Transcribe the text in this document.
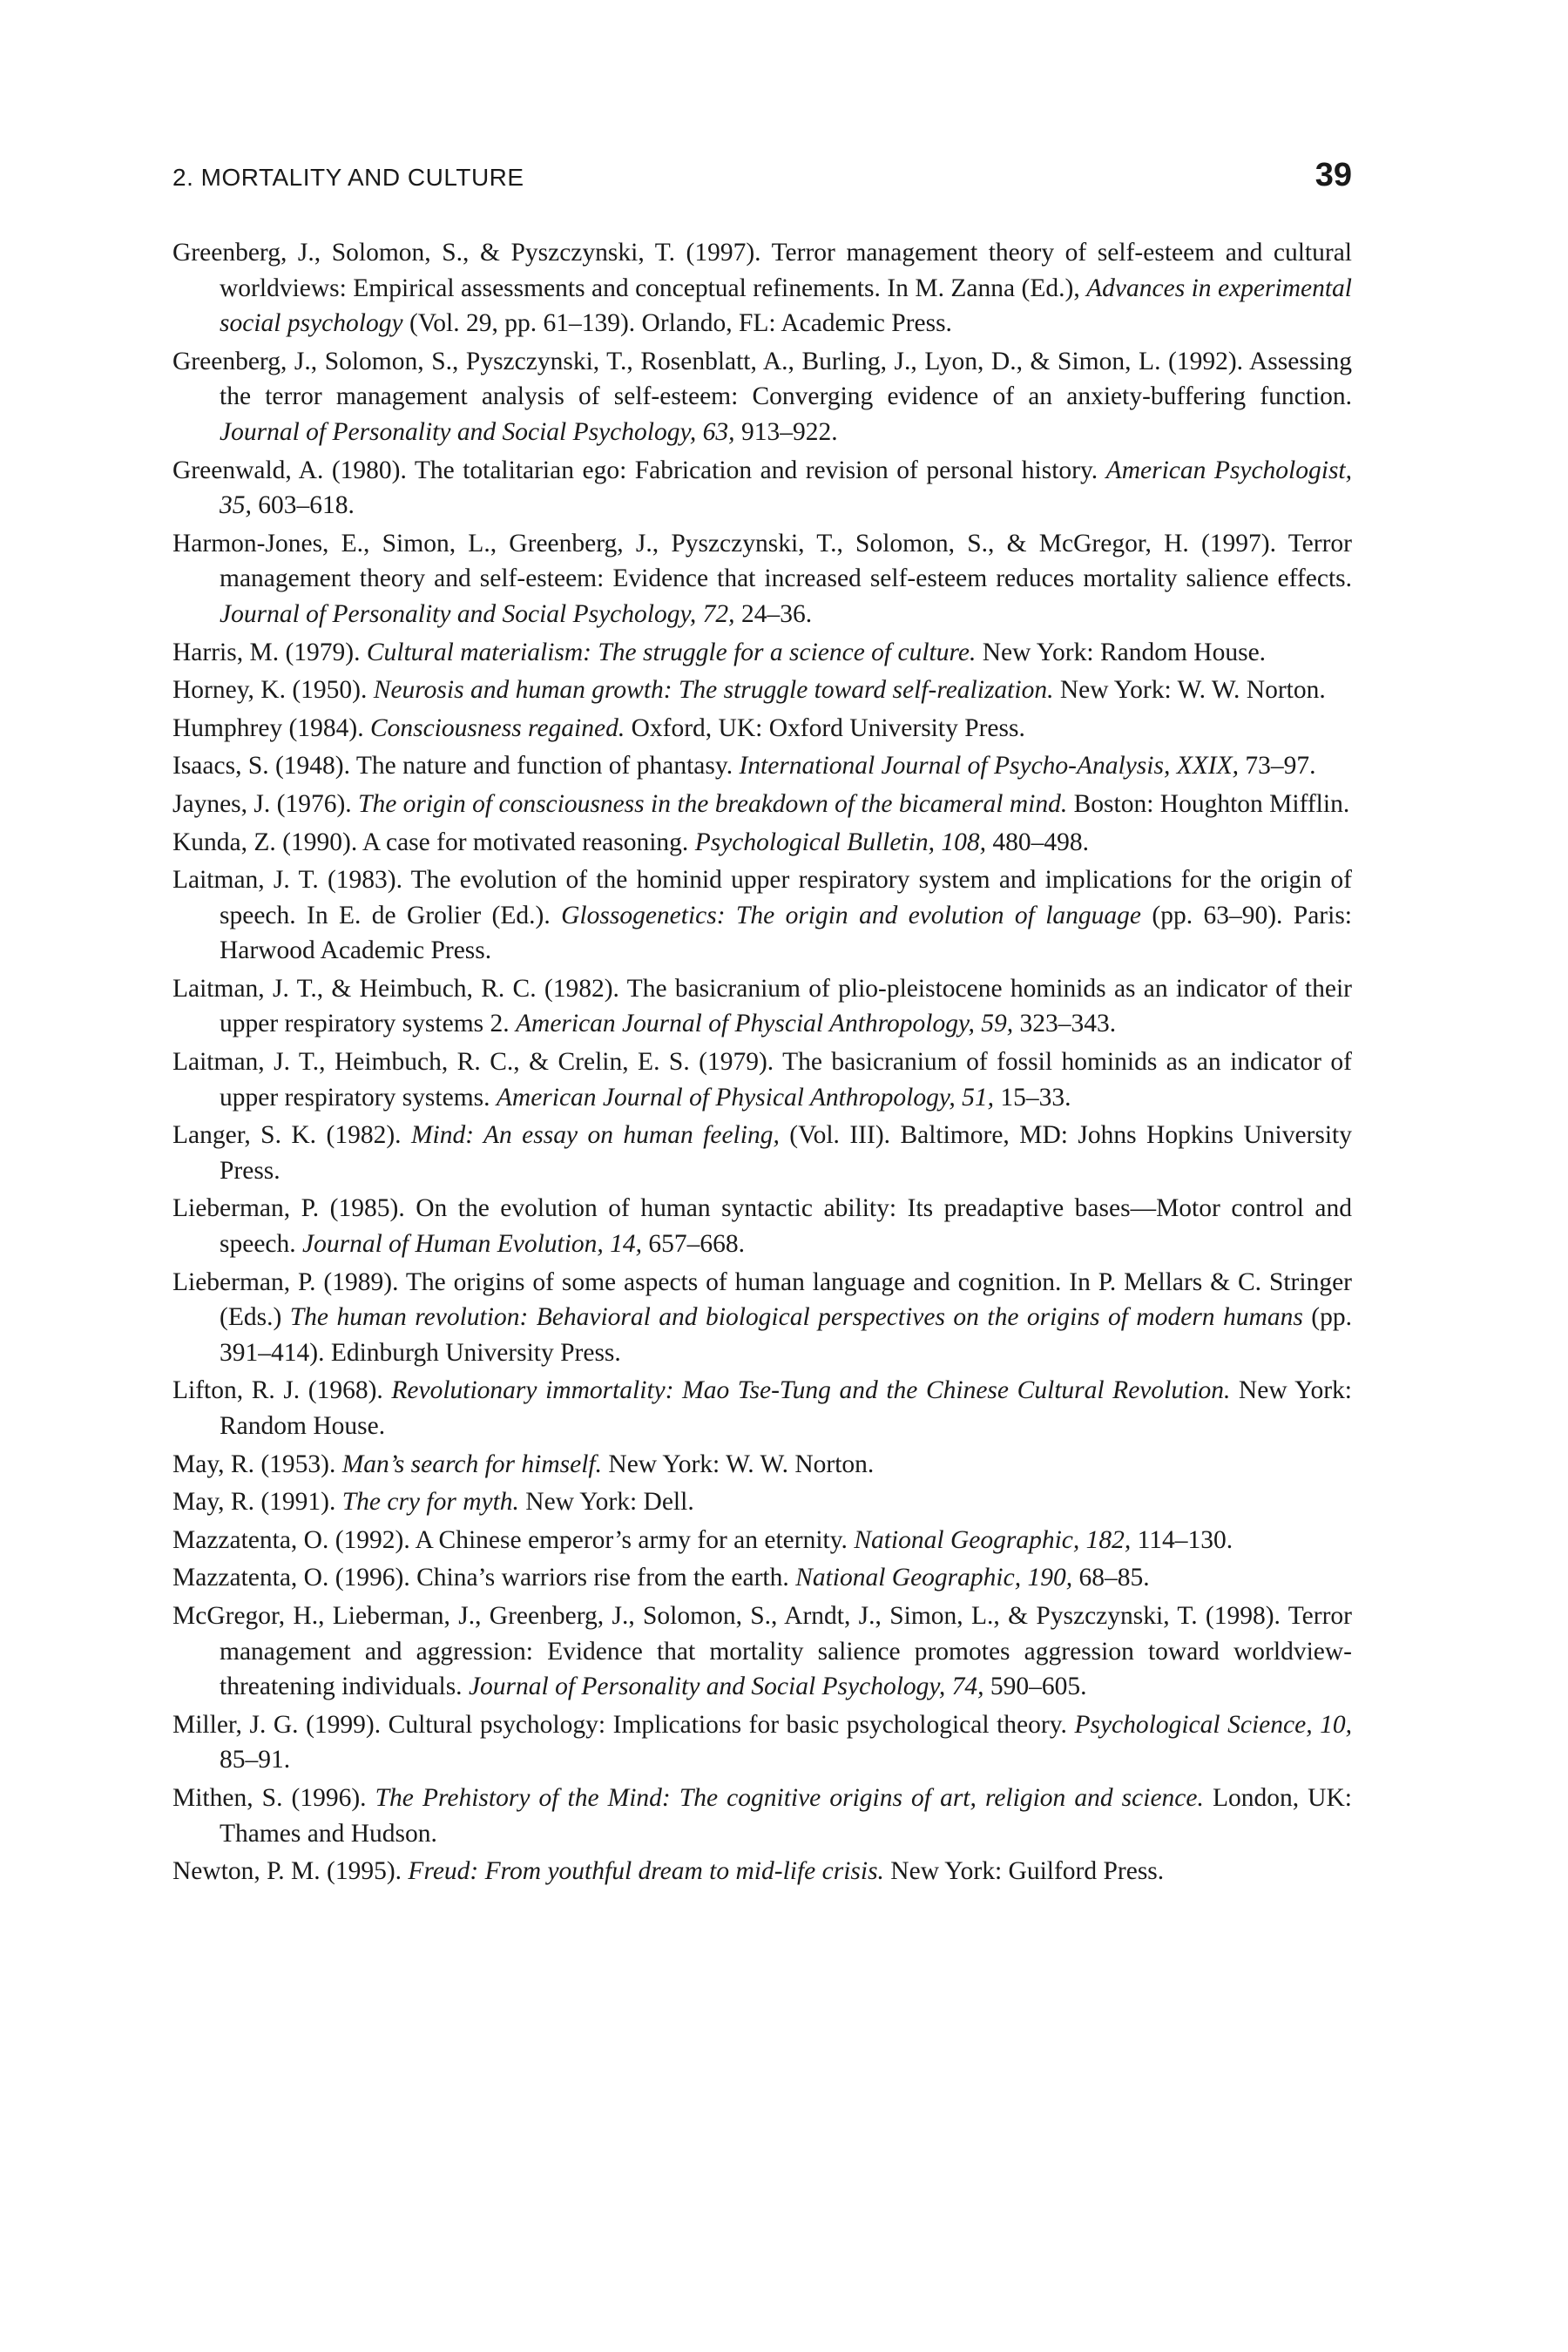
2. MORTALITY AND CULTURE	39
Greenberg, J., Solomon, S., & Pyszczynski, T. (1997). Terror management theory of self-esteem and cultural worldviews: Empirical assessments and conceptual refinements. In M. Zanna (Ed.), Advances in experimental social psychology (Vol. 29, pp. 61–139). Orlando, FL: Academic Press.
Greenberg, J., Solomon, S., Pyszczynski, T., Rosenblatt, A., Burling, J., Lyon, D., & Simon, L. (1992). Assessing the terror management analysis of self-esteem: Converging evidence of an anxiety-buffering function. Journal of Personality and Social Psychology, 63, 913–922.
Greenwald, A. (1980). The totalitarian ego: Fabrication and revision of personal history. American Psychologist, 35, 603–618.
Harmon-Jones, E., Simon, L., Greenberg, J., Pyszczynski, T., Solomon, S., & McGregor, H. (1997). Terror management theory and self-esteem: Evidence that increased self-esteem reduces mortality salience effects. Journal of Personality and Social Psychology, 72, 24–36.
Harris, M. (1979). Cultural materialism: The struggle for a science of culture. New York: Random House.
Horney, K. (1950). Neurosis and human growth: The struggle toward self-realization. New York: W. W. Norton.
Humphrey (1984). Consciousness regained. Oxford, UK: Oxford University Press.
Isaacs, S. (1948). The nature and function of phantasy. International Journal of Psycho-Analysis, XXIX, 73–97.
Jaynes, J. (1976). The origin of consciousness in the breakdown of the bicameral mind. Boston: Houghton Mifflin.
Kunda, Z. (1990). A case for motivated reasoning. Psychological Bulletin, 108, 480–498.
Laitman, J. T. (1983). The evolution of the hominid upper respiratory system and implications for the origin of speech. In E. de Grolier (Ed.). Glossogenetics: The origin and evolution of language (pp. 63–90). Paris: Harwood Academic Press.
Laitman, J. T., & Heimbuch, R. C. (1982). The basicranium of plio-pleistocene hominids as an indicator of their upper respiratory systems 2. American Journal of Physcial Anthropology, 59, 323–343.
Laitman, J. T., Heimbuch, R. C., & Crelin, E. S. (1979). The basicranium of fossil hominids as an indicator of upper respiratory systems. American Journal of Physical Anthropology, 51, 15–33.
Langer, S. K. (1982). Mind: An essay on human feeling, (Vol. III). Baltimore, MD: Johns Hopkins University Press.
Lieberman, P. (1985). On the evolution of human syntactic ability: Its preadaptive bases—Motor control and speech. Journal of Human Evolution, 14, 657–668.
Lieberman, P. (1989). The origins of some aspects of human language and cognition. In P. Mellars & C. Stringer (Eds.) The human revolution: Behavioral and biological perspectives on the origins of modern humans (pp. 391–414). Edinburgh University Press.
Lifton, R. J. (1968). Revolutionary immortality: Mao Tse-Tung and the Chinese Cultural Revolution. New York: Random House.
May, R. (1953). Man’s search for himself. New York: W. W. Norton.
May, R. (1991). The cry for myth. New York: Dell.
Mazzatenta, O. (1992). A Chinese emperor’s army for an eternity. National Geographic, 182, 114–130.
Mazzatenta, O. (1996). China’s warriors rise from the earth. National Geographic, 190, 68–85.
McGregor, H., Lieberman, J., Greenberg, J., Solomon, S., Arndt, J., Simon, L., & Pyszczynski, T. (1998). Terror management and aggression: Evidence that mortality salience promotes aggression toward worldview-threatening individuals. Journal of Personality and Social Psychology, 74, 590–605.
Miller, J. G. (1999). Cultural psychology: Implications for basic psychological theory. Psychological Science, 10, 85–91.
Mithen, S. (1996). The Prehistory of the Mind: The cognitive origins of art, religion and science. London, UK: Thames and Hudson.
Newton, P. M. (1995). Freud: From youthful dream to mid-life crisis. New York: Guilford Press.
